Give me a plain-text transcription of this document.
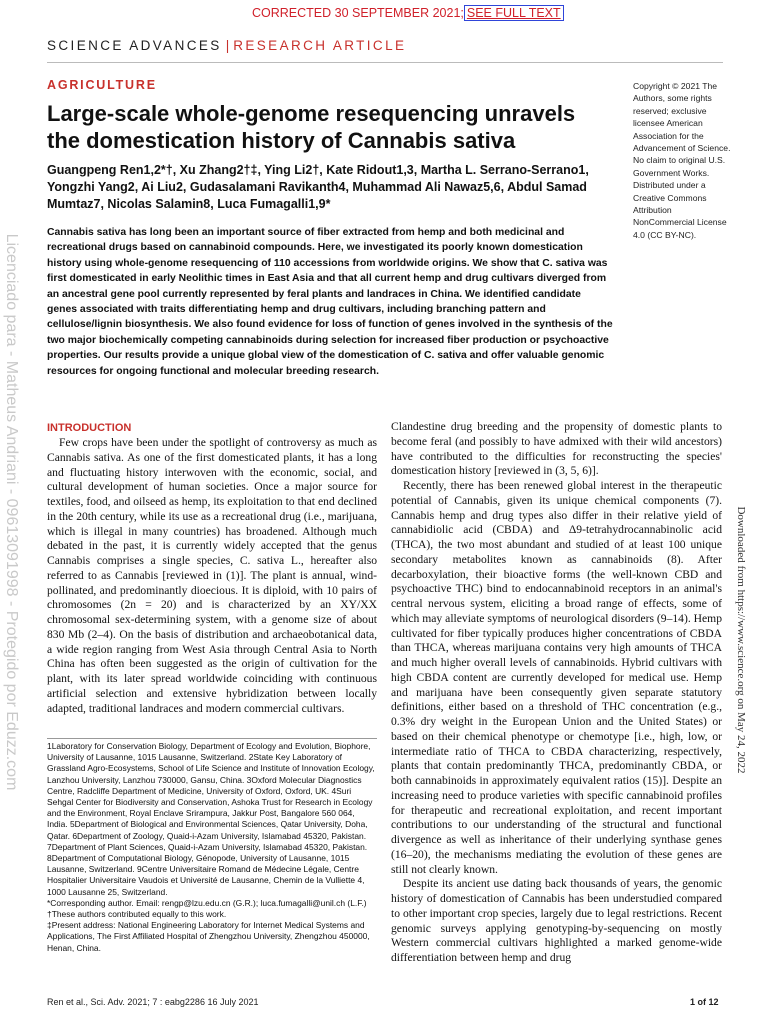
Licenciado para - Matheus Andriani - 09613091998 - Protegido por Eduzz.com
CORRECTED 30 SEPTEMBER 2021; SEE FULL TEXT
SCIENCE ADVANCES | RESEARCH ARTICLE
AGRICULTURE
Large-scale whole-genome resequencing unravels the domestication history of Cannabis sativa
Guangpeng Ren1,2*†, Xu Zhang2†‡, Ying Li2†, Kate Ridout1,3, Martha L. Serrano-Serrano1, Yongzhi Yang2, Ai Liu2, Gudasalamani Ravikanth4, Muhammad Ali Nawaz5,6, Abdul Samad Mumtaz7, Nicolas Salamin8, Luca Fumagalli1,9*
Cannabis sativa has long been an important source of fiber extracted from hemp and both medicinal and recreational drugs based on cannabinoid compounds. Here, we investigated its poorly known domestication history using whole-genome resequencing of 110 accessions from worldwide origins. We show that C. sativa was first domesticated in early Neolithic times in East Asia and that all current hemp and drug cultivars diverged from an ancestral gene pool currently represented by feral plants and landraces in China. We identified candidate genes associated with traits differentiating hemp and drug cultivars, including branching pattern and cellulose/lignin biosynthesis. We also found evidence for loss of function of genes involved in the synthesis of the two major biochemically competing cannabinoids during selection for increased fiber production or psychoactive properties. Our results provide a unique global view of the domestication of C. sativa and offer valuable genomic resources for ongoing functional and molecular breeding research.
Copyright © 2021 The Authors, some rights reserved; exclusive licensee American Association for the Advancement of Science. No claim to original U.S. Government Works. Distributed under a Creative Commons Attribution NonCommercial License 4.0 (CC BY-NC).
INTRODUCTION

Few crops have been under the spotlight of controversy as much as Cannabis sativa. As one of the first domesticated plants, it has a long and fluctuating history interwoven with the economic, social, and cultural development of human societies. Once a major source for textiles, food, and oilseed as hemp, its exploitation to that end declined in the 20th century, while its use as a recreational drug (i.e., marijuana, which is illegal in many countries) has broadened. Although much debated in the past, it is currently widely accepted that the genus Cannabis comprises a single species, C. sativa L., hereafter also referred to as Cannabis [reviewed in (1)]. The plant is annual, wind-pollinated, and predominantly dioecious. It is diploid, with 10 pairs of chromosomes (2n = 20) and is characterized by an XY/XX chromosomal sex-determining system, with a genome size of about 830 Mb (2–4). On the basis of distribution and archaeobotanical data, a wide region ranging from West Asia through Central Asia to North China has often been suggested as the origin of cultivation for the plant, with its later spread worldwide coinciding with continuous artificial selection and extensive hybridization between locally adapted, traditional landraces and modern commercial cultivars.

1Laboratory for Conservation Biology, Department of Ecology and Evolution, Biophore, University of Lausanne, 1015 Lausanne, Switzerland. 2State Key Laboratory of Grassland Agro-Ecosystems, School of Life Science and Institute of Innovation Ecology, Lanzhou University, Lanzhou 730000, Gansu, China. 3Oxford Molecular Diagnostics Centre, Radcliffe Department of Medicine, University of Oxford, Oxford, UK. 4Suri Sehgal Center for Biodiversity and Conservation, Ashoka Trust for Research in Ecology and the Environment, Royal Enclave Srirampura, Jakkur Post, Bangalore 560 064, India. 5Department of Biological and Environmental Sciences, Qatar University, Doha, Qatar. 6Department of Zoology, Quaid-i-Azam University, Islamabad 45320, Pakistan. 7Department of Plant Sciences, Quaid-i-Azam University, Islamabad 45320, Pakistan. 8Department of Computational Biology, Génopode, University of Lausanne, 1015 Lausanne, Switzerland. 9Centre Universitaire Romand de Médecine Légale, Centre Hospitalier Universitaire Vaudois et Université de Lausanne, Chemin de la Vulliette 4, 1000 Lausanne 25, Switzerland.
*Corresponding author. Email: rengp@lzu.edu.cn (G.R.); luca.fumagalli@unil.ch (L.F.)
†These authors contributed equally to this work.
‡Present address: National Engineering Laboratory for Internet Medical Systems and Applications, The First Affiliated Hospital of Zhengzhou University, Zhengzhou 450000, Henan, China.

Clandestine drug breeding and the propensity of domestic plants to become feral (and possibly to have admixed with their wild ancestors) have contributed to the difficulties for reconstructing the species' domestication history [reviewed in (3, 5, 6)].

Recently, there has been renewed global interest in the therapeutic potential of Cannabis, given its unique chemical components (7). Cannabis hemp and drug types also differ in their relative yield of cannabidiolic acid (CBDA) and Δ9-tetrahydrocannabinolic acid (THCA), the two most abundant and studied of at least 100 unique secondary metabolites known as cannabinoids (8). After decarboxylation, their bioactive forms (the well-known CBD and psychoactive THC) bind to endocannabinoid receptors in an animal's central nervous system, eliciting a broad range of effects, some of which may alleviate symptoms of neurological disorders (9–14). Hemp cultivated for fiber typically produces higher concentrations of CBDA than THCA, whereas marijuana contains very high amounts of THCA and much higher overall levels of cannabinoids. Hybrid cultivars with high CBDA content are currently developed for medical use. Hemp and marijuana have been consequently given separate statutory definitions, either based on a threshold of THC concentration (e.g., 0.3% dry weight in the European Union and the United States) or based on their chemical phenotype or chemotype [i.e., high, low, or intermediate ratio of THCA to CBDA characterizing, respectively, plants that contain predominantly THCA, predominantly CBDA, or both cannabinoids in approximately equivalent ratios (15)]. Despite an increasing need to produce varieties with specific cannabinoid profiles for therapeutic and recreational exploitation, and recent important contributions to our understanding of the structural and functional divergence as well as inheritance of their underlying synthase genes (16–20), the mechanisms mediating the evolution of these genes are still not clearly known.

Despite its ancient use dating back thousands of years, the genomic history of domestication of Cannabis has been understudied compared to other important crop species, largely due to legal restrictions. Recent genomic surveys applying genotyping-by-sequencing on mostly Western commercial cultivars highlighted a marked genome-wide differentiation between hemp and drug

Downloaded from https://www.science.org on May 24, 2022
Ren et al., Sci. Adv. 2021; 7 : eabg2286 16 July 2021	1 of 12
